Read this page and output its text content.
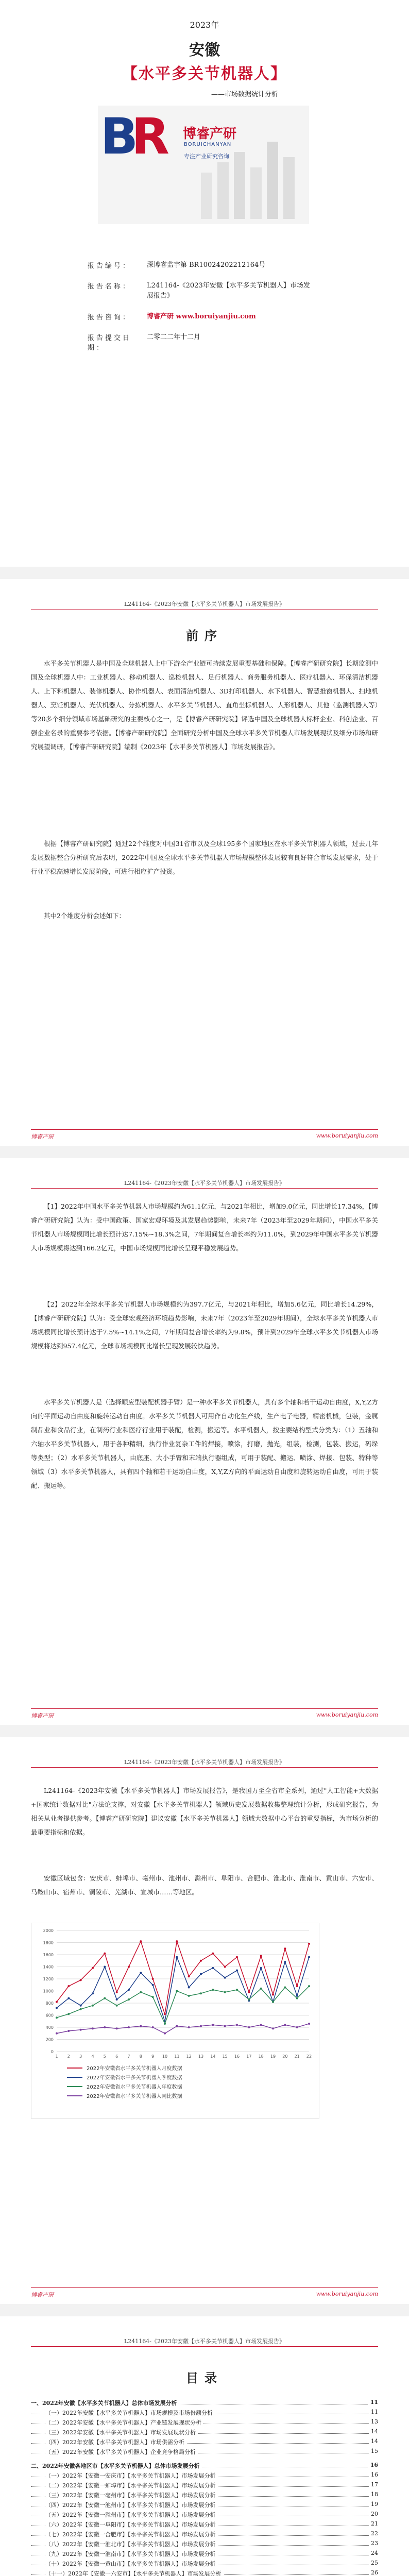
2023年
安徽
【水平多关节机器人】
——市场数据统计分析
B
R 博睿产研
BORUICHANYAN
专注产业研究咨询
报告编号：	深博睿监字第 BR10024202212164号
报告名称：	L241164-《2023年安徽【水平多关节机器人】市场发展报告》
报告咨询：	博睿产研 www.boruiyanjiu.com
报告提交日期：
二零二二年十二月
L241164-《2023年安徽【水平多关节机器人】市场发展报告》
前序
水平多关节机器人是中国及全球机器人上中下游全产业链可持续发展重要基础和保障。【博睿产研研究院】长期监测中国及全球机器人中：工业机器人、移动机器人、巡检机器人、足行机器人、商务服务机器人、医疗机器人、环保清洁机器人、上下料机器人、装修机器人、协作机器人、表面清洁机器人、3D打印机器人、水下机器人、智慧推窗机器人、扫地机器人、烹饪机器人、光伏机器人、分拣机器人、水平多关节机器人、直角坐标机器人、人形机器人、其他（监测机器人等）等20多个细分领域市场基础研究的主要核心之一，是【博睿产研研究院】评选中国及全球机器人标杆企业、科创企业、百强企业名录的重要参考依据。【博睿产研研究院】全面研究分析中国及全球水平多关节机器人市场发展现状及细分市场和研究展望调研，【博睿产研研究院】编制《2023年【水平多关节机器人】市场发展报告》。
根据【博睿产研研究院】通过22个维度对中国31省市以及全球195多个国家地区在水平多关节机器人领域，过去几年发展数据整合分析研究后表明，2022年中国及全球水平多关节机器人市场规模整体发展较有良好符合市场发展需求，处于行业平稳高速增长发展阶段，可进行相应扩产投资。
其中2个维度分析会述如下：
博睿产研	www.boruiyanjiu.com
L241164-《2023年安徽【水平多关节机器人】市场发展报告》
【1】2022年中国水平多关节机器人市场规模约为61.1亿元，与2021年相比，增加9.0亿元，同比增长17.34%，【博睿产研研究院】认为：受中国政策、国家宏观环境及其发展趋势影响，未来7年（2023年至2029年期间），中国水平多关节机器人市场规模同比增长预计达7.15%~18.3%之间，7年期间复合增长率约为11.0%，到2029年中国水平多关节机器人市场规模将达到166.2亿元，中国市场规模同比增长呈现平稳发展趋势。
【2】2022年全球水平多关节机器人市场规模约为397.7亿元，与2021年相比，增加5.6亿元，同比增长14.29%，【博睿产研研究院】认为：受全球宏观经济环境趋势影响，未来7年（2023年至2029年期间），全球水平多关节机器人市场规模同比增长预计达于7.5%~14.1%之间，7年期间复合增长率约为9.8%，预计到2029年全球水平多关节机器人市场规模将达到957.4亿元，全球市场规模同比增长呈现发展较快趋势。
水平多关节机器人是（选择顺应型装配机器手臂）是一种水平多关节机器人，具有多个轴和若干运动自由度，X,Y,Z方向的平面运动自由度和旋转运动自由度。水平多关节机器人可用作自动化生产线，生产电子电器，精密机械，包装，金属制品业和食品行业，在制药行业和医疗行业用于装配，检测，搬运等。水平机器人，按主要结构型式分类为：（1）五轴和六轴水平多关节机器人，用于各种精细，执行作业复杂工件的焊接，喷涂，打磨，抛光，组装，检测，包装、搬运，码垛等类型；（2）水平多关节机器人，由底座、大小手臂和末端执行器组成，可用于装配、搬运、喷涂、焊接、包装、特种等领域（3）水平多关节机器人，具有四个轴和若干运动自由度，X,Y,Z方向的平面运动自由度和旋转运动自由度，可用于装配、搬运等。
博睿产研	www.boruiyanjiu.com
L241164-《2023年安徽【水平多关节机器人】市场发展报告》
L241164-《2023年安徽【水平多关节机器人】市场发展报告》，是我国万至全省市全系列，通过"人工智能+大数据+国家统计数据对比"方法论支撑，对安徽【水平多关节机器人】领域历史发展数据收集整理统计分析，形成研究报告，为相关从业者提供参考。【博睿产研研究院】建议安徽【水平多关节机器人】领域大数据中心平台的重要指标，为市场分析的最重要指标和依据。
安徽区域包含：安庆市、蚌埠市、亳州市、池州市、滁州市、阜阳市、合肥市、淮北市、淮南市、黄山市、六安市、马鞍山市、宿州市、铜陵市、芜湖市、宣城市……等地区。
0
200
400
600
800
1000
1200
1400
1600
1800
2000
1 2 3 4 5 6 7 8 9 10 11 12 13 14 15 16 17 18 19 20 21 22
2022年安徽省水平多关节机器人月度数据
2022年安徽省水平多关节机器人季度数据
2022年安徽省水平多关节机器人年度数据
2022年安徽省水平多关节机器人同比数据
博睿产研	www.boruiyanjiu.com
L241164-《2023年安徽【水平多关节机器人】市场发展报告》
目录
一、2022年安徽【水平多关节机器人】总体市场发展分析	11
（一）2022年安徽【水平多关节机器人】市场规模及市场份额分析	11
（二）2022年安徽【水平多关节机器人】产业链发展现状分析	13
（三）2022年安徽【水平多关节机器人】市场发展现状分析	14
（四）2022年安徽【水平多关节机器人】市场供需分析	14
（五）2022年安徽【水平多关节机器人】企业竞争格局分析	15
二、2022年安徽各地区市【水平多关节机器人】总体市场发展分析	16
（一）2022年【安徽一安庆市】【水平多关节机器人】市场发展分析	16
（二）2022年【安徽一蚌埠市】【水平多关节机器人】市场发展分析	17
（三）2022年【安徽一亳州市】【水平多关节机器人】市场发展分析	18
（四）2022年【安徽一池州市】【水平多关节机器人】市场发展分析	19
（五）2022年【安徽一滁州市】【水平多关节机器人】市场发展分析	20
（六）2022年【安徽一阜阳市】【水平多关节机器人】市场发展分析	21
（七）2022年【安徽一合肥市】【水平多关节机器人】市场发展分析	22
（八）2022年【安徽一淮北市】【水平多关节机器人】市场发展分析	23
（九）2022年【安徽一淮南市】【水平多关节机器人】市场发展分析	24
（十）2022年【安徽一黄山市】【水平多关节机器人】市场发展分析	25
（十一）2022年【安徽一六安市】【水平多关节机器人】市场发展分析	26
